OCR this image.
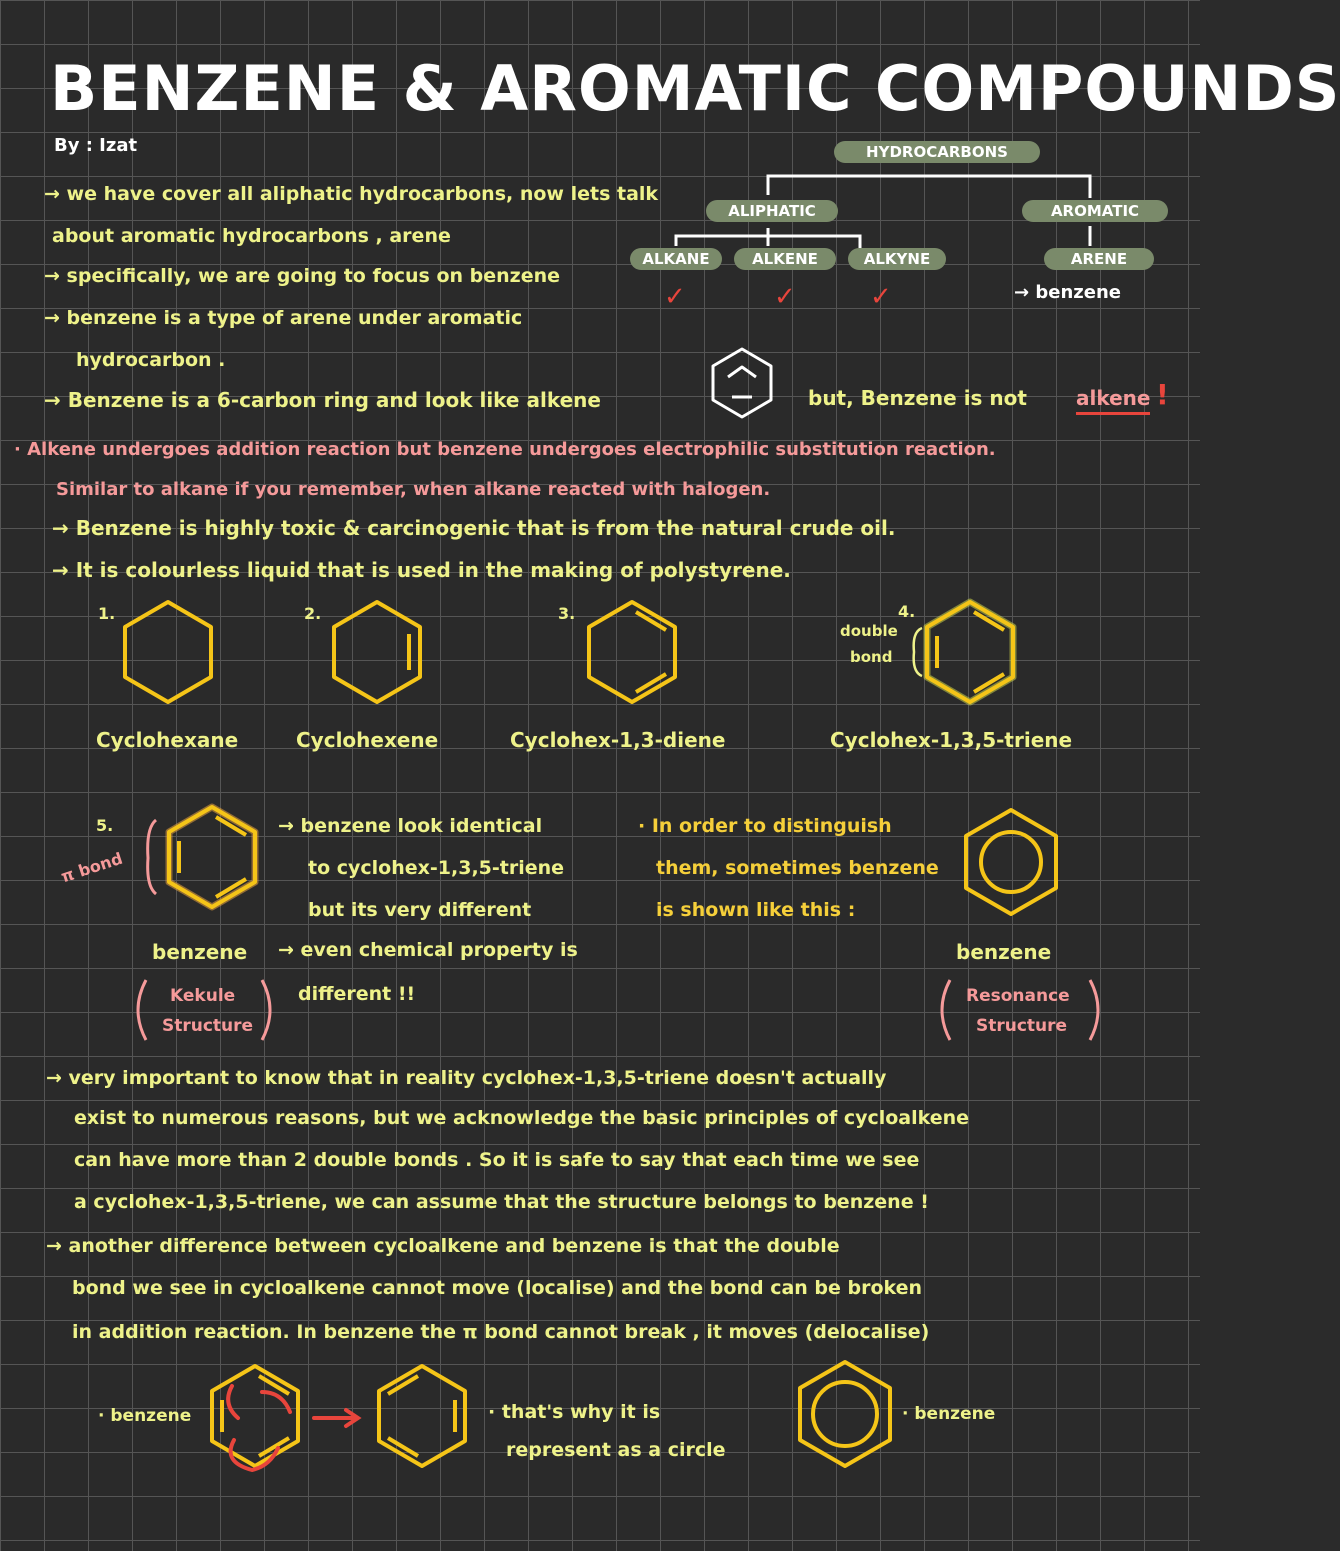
BENZENE & AROMATIC COMPOUNDS
By : Izat	HYDROCARBONS
ALIPHATIC	AROMATIC
ALKANE	ALKENE	ALKYNE	ARENE
✓	✓	✓	→ benzene
→ we have cover all aliphatic hydrocarbons, now lets talk
about aromatic hydrocarbons , arene
→ specifically, we are going to focus on benzene
→ benzene is a type of arene under aromatic
hydrocarbon .
→ Benzene is a 6-carbon ring and look like alkene	but, Benzene is not alkene !
· Alkene undergoes addition reaction but benzene undergoes electrophilic substitution reaction.
Similar to alkane if you remember, when alkane reacted with halogen.
→ Benzene is highly toxic & carcinogenic that is from the natural crude oil.
→ It is colourless liquid that is used in the making of polystyrene.
1.	2.	3.	4.
double
bond
Cyclohexane	Cyclohexene	Cyclohex-1,3-diene	Cyclohex-1,3,5-triene
5.
π bond
benzene
Kekule
Structure
→ benzene look identical
to cyclohex-1,3,5-triene
but its very different
→ even chemical property is
different !!
· In order to distinguish
them, sometimes benzene
is shown like this :
benzene
Resonance
Structure
→ very important to know that in reality cyclohex-1,3,5-triene doesn't actually
exist to numerous reasons, but we acknowledge the basic principles of cycloalkene
can have more than 2 double bonds . So it is safe to say that each time we see
a cyclohex-1,3,5-triene, we can assume that the structure belongs to benzene !
→ another difference between cycloalkene and benzene is that the double
bond we see in cycloalkene cannot move (localise) and the bond can be broken
in addition reaction. In benzene the π bond cannot break , it moves (delocalise)
· benzene	· that's why it is
represent as a circle
· benzene
